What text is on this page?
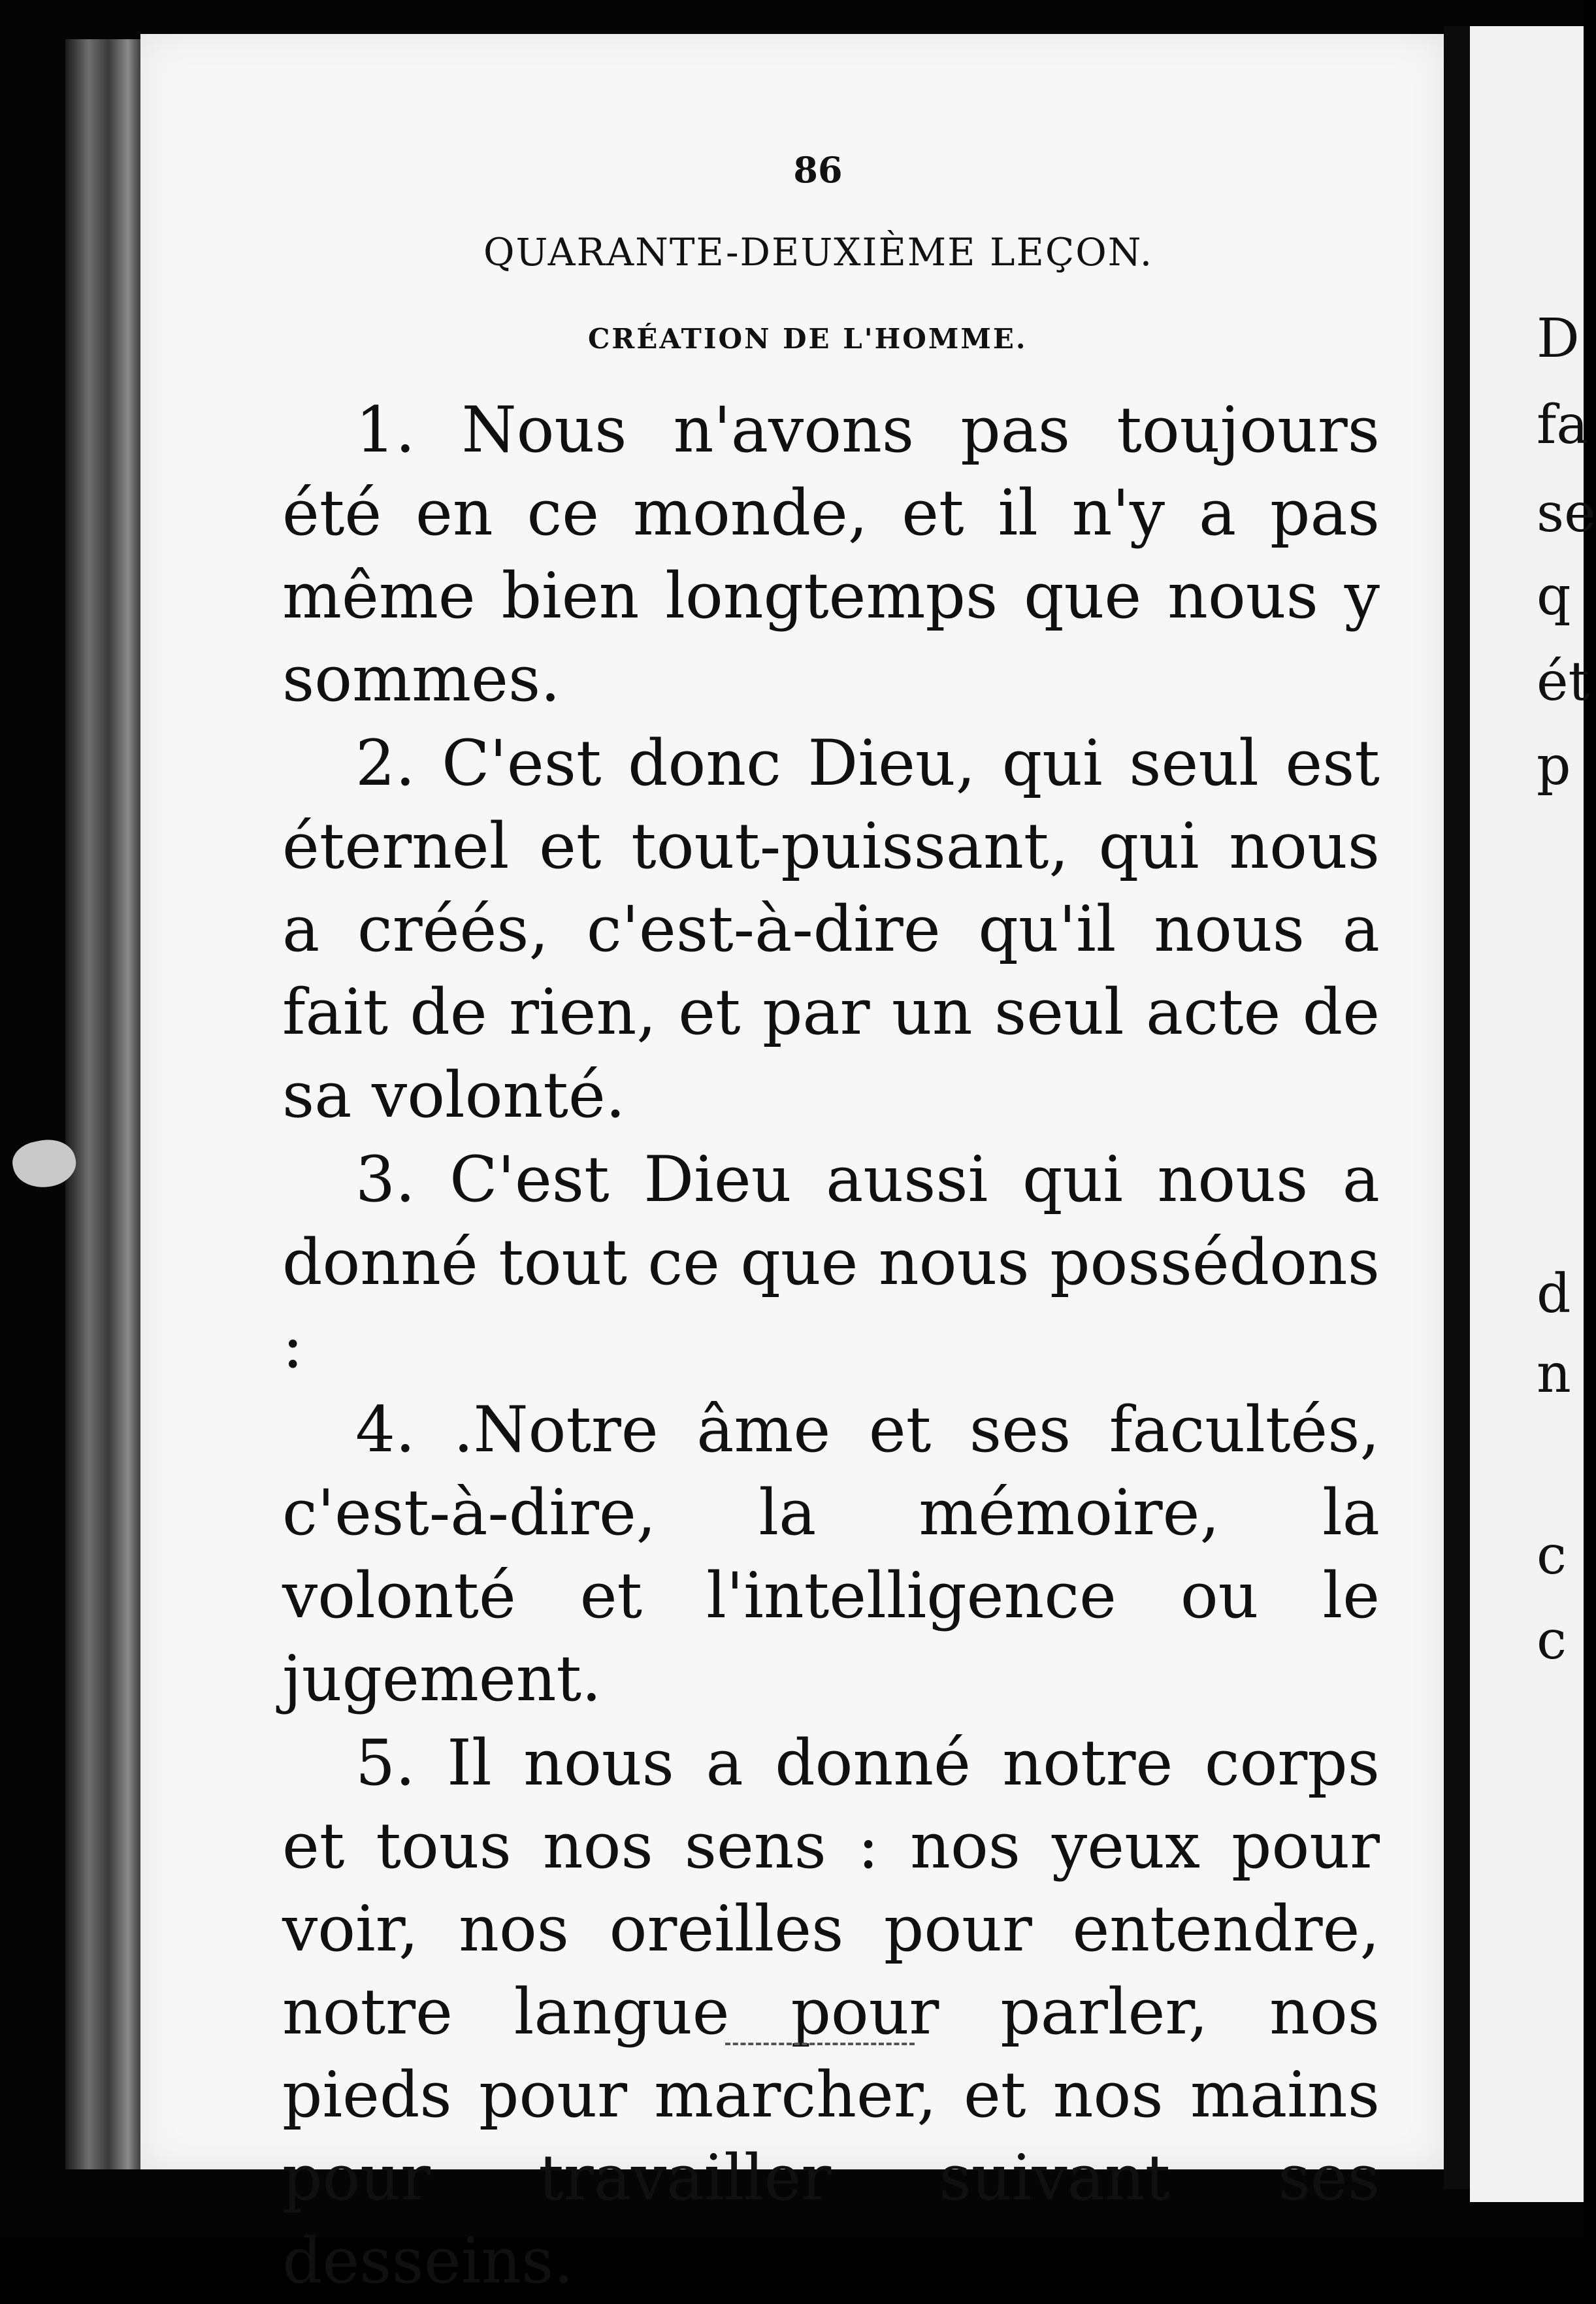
D
fa
se
q
ét
p
d
n
c
c
86
QUARANTE-DEUXIÈME LEÇON.
CRÉATION DE L'HOMME.

1. Nous n'avons pas toujours été en ce monde, et il n'y a pas même bien longtemps que nous y sommes.

2. C'est donc Dieu, qui seul est éternel et tout-puissant, qui nous a créés, c'est-à-dire qu'il nous a fait de rien, et par un seul acte de sa volonté.

3. C'est Dieu aussi qui nous a donné tout ce que nous possédons :

4. .Notre âme et ses facultés, c'est-à-dire, la mémoire, la volonté et l'intelligence ou le jugement.

5. Il nous a donné notre corps et tous nos sens : nos yeux pour voir, nos oreilles pour entendre, notre langue pour parler, nos pieds pour marcher, et nos mains pour travailler suivant ses desseins.
